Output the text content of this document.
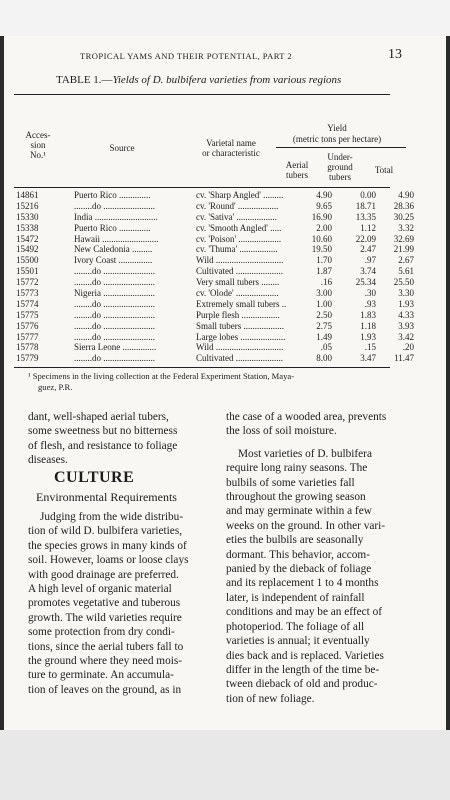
TROPICAL YAMS AND THEIR POTENTIAL, PART 2	13
TABLE 1.—Yields of D. bulbifera varieties from various regions
Acces-
sion
No.¹
Source	Varietal name
or characteristic
Yield
(metric tons per hectare)
Aerial
tubers
Under-
ground
tubers
Total
14861	Puerto Rico ..............	cv. 'Sharp Angled' .........	4.90	0.00	4.90
15216	........do .......................	cv. 'Round' ..................	9.65	18.71	28.36
15330	India ............................	cv. 'Sativa' ..................	16.90	13.35	30.25
15338	Puerto Rico ..............	cv. 'Smooth Angled' .....	2.00	1.12	3.32
15472	Hawaii .........................	cv. 'Poison' ...................	10.60	22.09	32.69
15492	New Caledonia .........	cv. 'Thuma' .................	19.50	2.47	21.99
15500	Ivory Coast ...............	Wild ..............................	1.70	.97	2.67
15501	........do .......................	Cultivated .....................	1.87	3.74	5.61
15772	........do .......................	Very small tubers ........	.16	25.34	25.50
15773	Nigeria .......................	cv. 'Olode' ...................	3.00	.30	3.30
15774	........do .......................	Extremely small tubers ..	1.00	.93	1.93
15775	........do .......................	Purple flesh .................	2.50	1.83	4.33
15776	........do .......................	Small tubers ..................	2.75	1.18	3.93
15777	........do .......................	Large lobes ....................	1.49	1.93	3.42
15778	Sierra Leone ...............	Wild ..............................	.05	.15	.20
15779	........do .......................	Cultivated .....................	8.00	3.47	11.47
¹ Specimens in the living collection at the Federal Experiment Station, Maya-
guez, P.R.

dant, well-shaped aerial tubers,

some sweetness but no bitterness

of flesh, and resistance to foliage

diseases.

CULTURE
Environmental Requirements

Judging from the wide distribu-

tion of wild D. bulbifera varieties,

the species grows in many kinds of

soil. However, loams or loose clays

with good drainage are preferred.

A high level of organic material

promotes vegetative and tuberous

growth. The wild varieties require

some protection from dry condi-

tions, since the aerial tubers fall to

the ground where they need mois-

ture to germinate. An accumula-

tion of leaves on the ground, as in

the case of a wooded area, prevents

the loss of soil moisture.

Most varieties of D. bulbifera

require long rainy seasons. The

bulbils of some varieties fall

throughout the growing season

and may germinate within a few

weeks on the ground. In other vari-

eties the bulbils are seasonally

dormant. This behavior, accom-

panied by the dieback of foliage

and its replacement 1 to 4 months

later, is independent of rainfall

conditions and may be an effect of

photoperiod. The foliage of all

varieties is annual; it eventually

dies back and is replaced. Varieties

differ in the length of the time be-

tween dieback of old and produc-

tion of new foliage.
